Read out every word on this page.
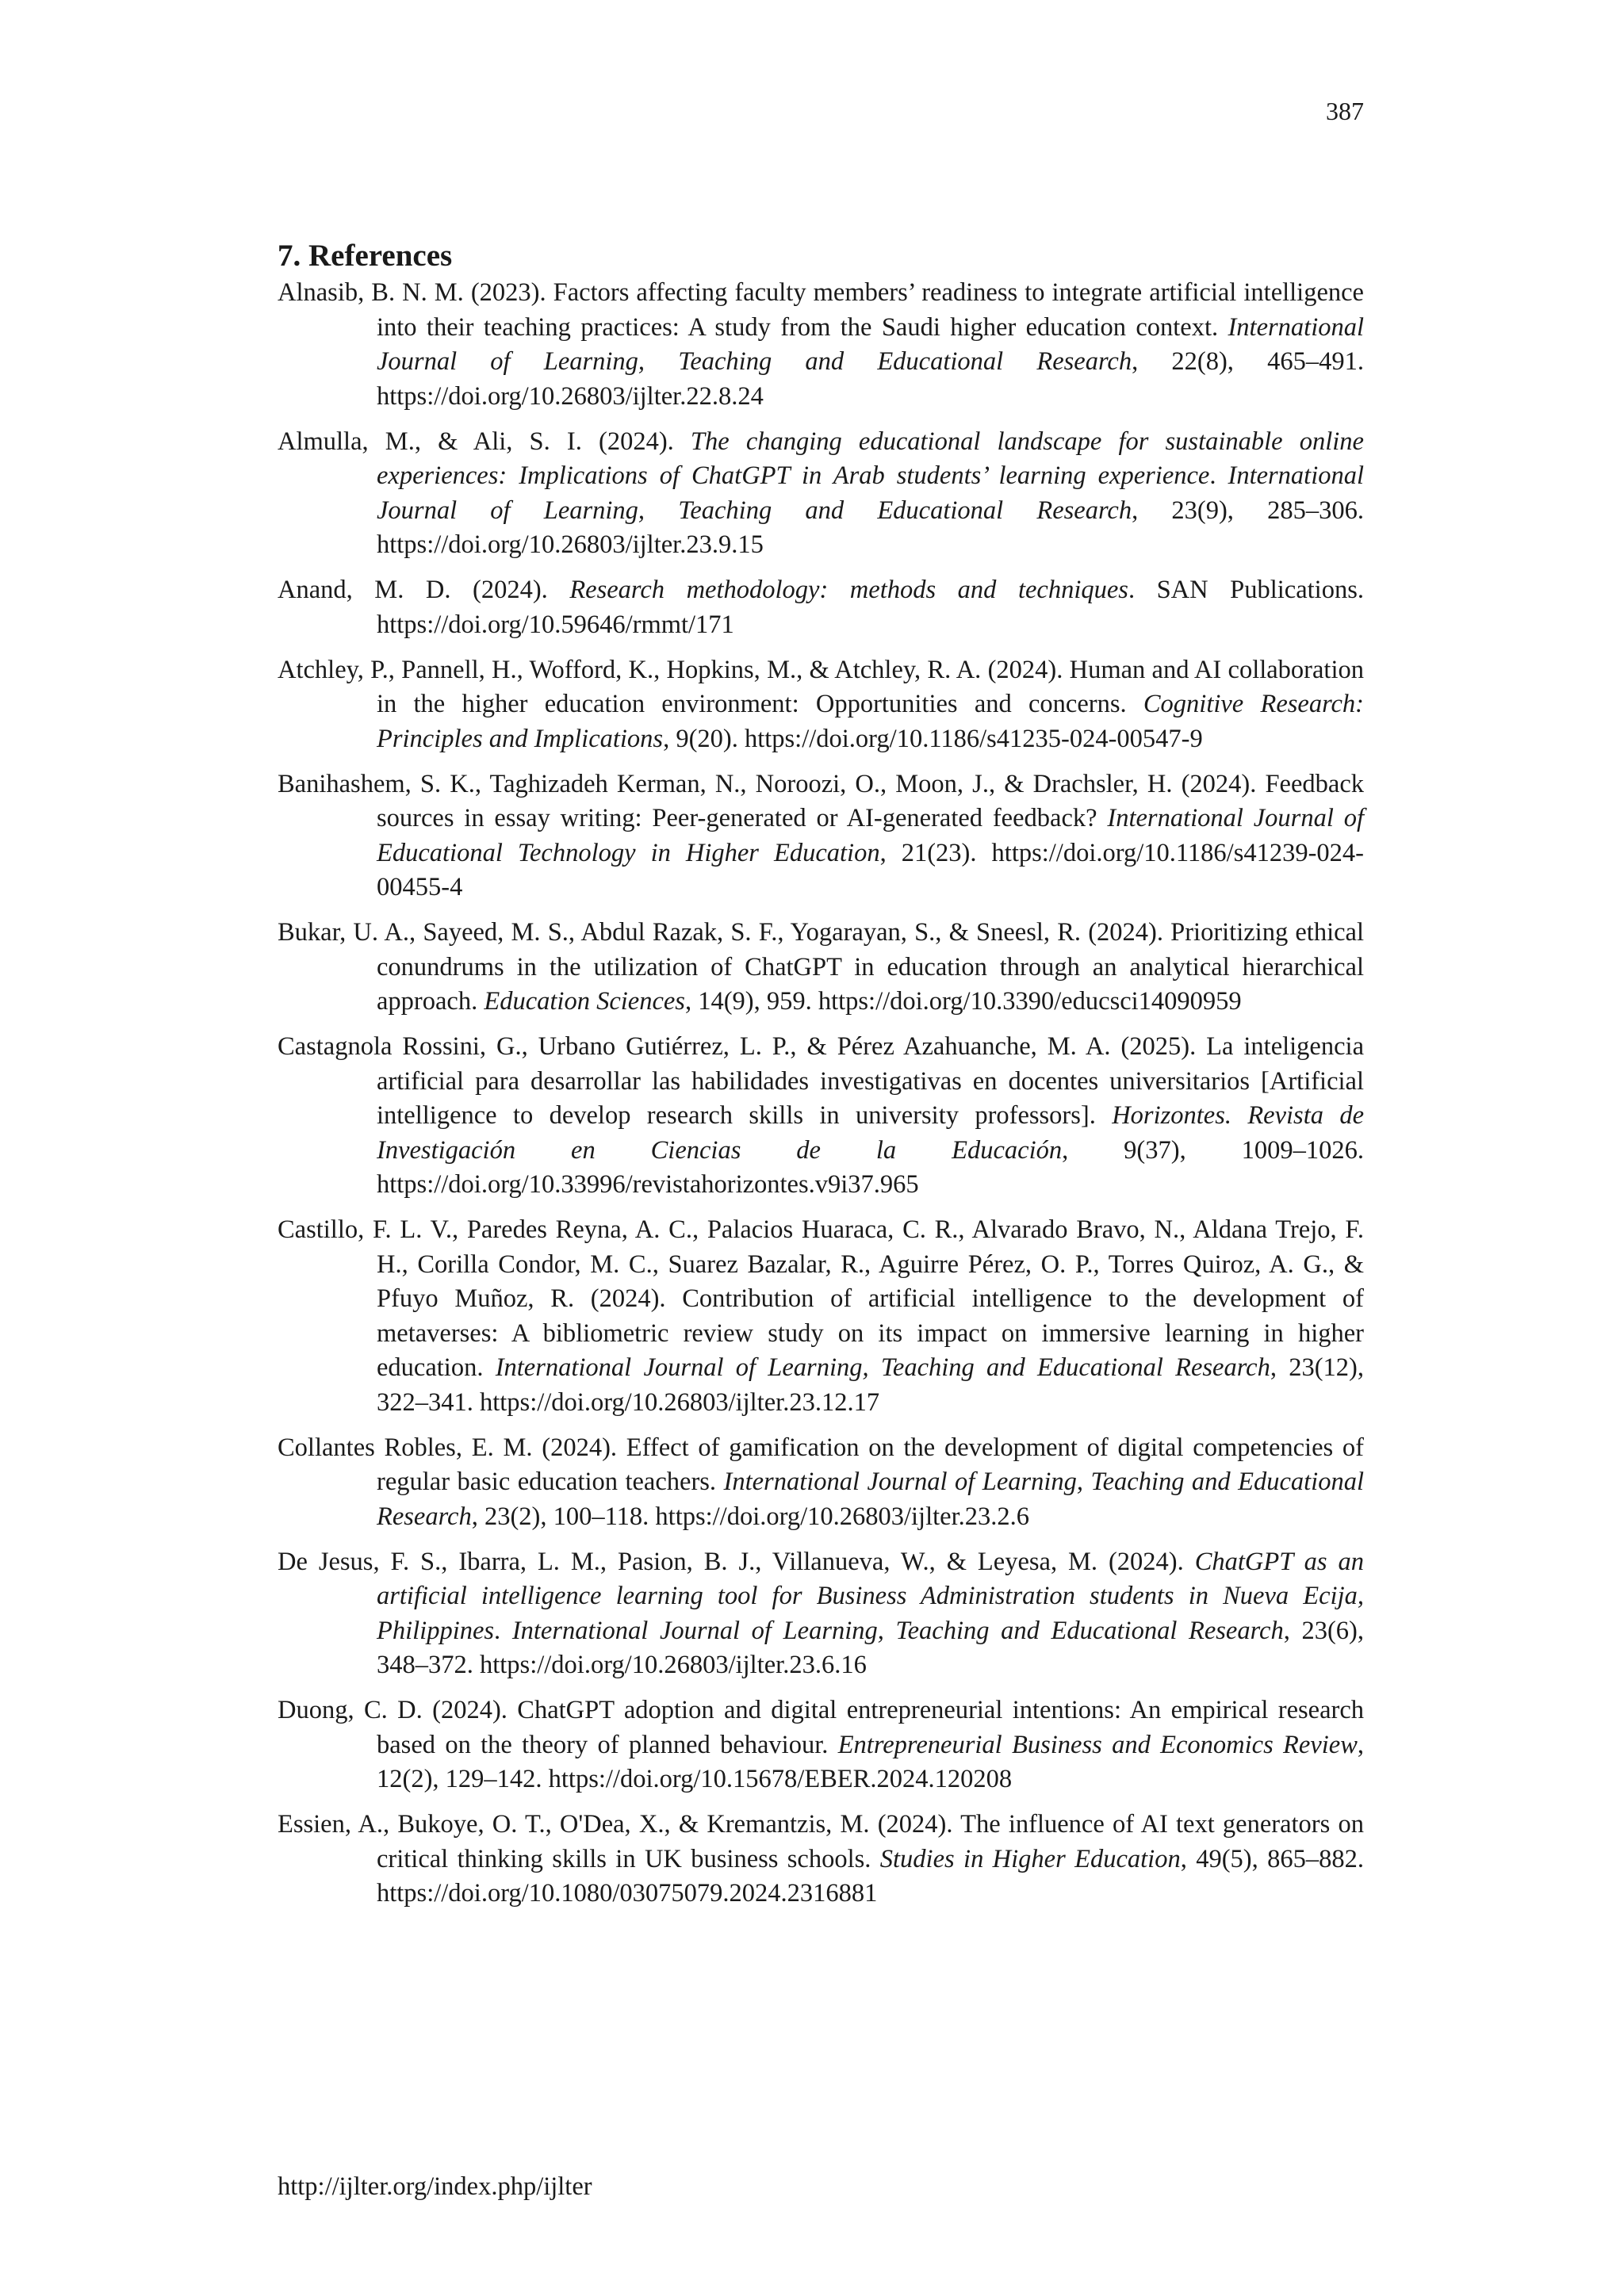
387
7. References
Alnasib, B. N. M. (2023). Factors affecting faculty members’ readiness to integrate artificial intelligence into their teaching practices: A study from the Saudi higher education context. International Journal of Learning, Teaching and Educational Research, 22(8), 465–491. https://doi.org/10.26803/ijlter.22.8.24
Almulla, M., & Ali, S. I. (2024). The changing educational landscape for sustainable online experiences: Implications of ChatGPT in Arab students’ learning experience. International Journal of Learning, Teaching and Educational Research, 23(9), 285–306. https://doi.org/10.26803/ijlter.23.9.15
Anand, M. D. (2024). Research methodology: methods and techniques. SAN Publications. https://doi.org/10.59646/rmmt/171
Atchley, P., Pannell, H., Wofford, K., Hopkins, M., & Atchley, R. A. (2024). Human and AI collaboration in the higher education environment: Opportunities and concerns. Cognitive Research: Principles and Implications, 9(20). https://doi.org/10.1186/s41235-024-00547-9
Banihashem, S. K., Taghizadeh Kerman, N., Noroozi, O., Moon, J., & Drachsler, H. (2024). Feedback sources in essay writing: Peer-generated or AI-generated feedback? International Journal of Educational Technology in Higher Education, 21(23). https://doi.org/10.1186/s41239-024-00455-4
Bukar, U. A., Sayeed, M. S., Abdul Razak, S. F., Yogarayan, S., & Sneesl, R. (2024). Prioritizing ethical conundrums in the utilization of ChatGPT in education through an analytical hierarchical approach. Education Sciences, 14(9), 959. https://doi.org/10.3390/educsci14090959
Castagnola Rossini, G., Urbano Gutiérrez, L. P., & Pérez Azahuanche, M. A. (2025). La inteligencia artificial para desarrollar las habilidades investigativas en docentes universitarios [Artificial intelligence to develop research skills in university professors]. Horizontes. Revista de Investigación en Ciencias de la Educación, 9(37), 1009–1026. https://doi.org/10.33996/revistahorizontes.v9i37.965
Castillo, F. L. V., Paredes Reyna, A. C., Palacios Huaraca, C. R., Alvarado Bravo, N., Aldana Trejo, F. H., Corilla Condor, M. C., Suarez Bazalar, R., Aguirre Pérez, O. P., Torres Quiroz, A. G., & Pfuyo Muñoz, R. (2024). Contribution of artificial intelligence to the development of metaverses: A bibliometric review study on its impact on immersive learning in higher education. International Journal of Learning, Teaching and Educational Research, 23(12), 322–341. https://doi.org/10.26803/ijlter.23.12.17
Collantes Robles, E. M. (2024). Effect of gamification on the development of digital competencies of regular basic education teachers. International Journal of Learning, Teaching and Educational Research, 23(2), 100–118. https://doi.org/10.26803/ijlter.23.2.6
De Jesus, F. S., Ibarra, L. M., Pasion, B. J., Villanueva, W., & Leyesa, M. (2024). ChatGPT as an artificial intelligence learning tool for Business Administration students in Nueva Ecija, Philippines. International Journal of Learning, Teaching and Educational Research, 23(6), 348–372. https://doi.org/10.26803/ijlter.23.6.16
Duong, C. D. (2024). ChatGPT adoption and digital entrepreneurial intentions: An empirical research based on the theory of planned behaviour. Entrepreneurial Business and Economics Review, 12(2), 129–142. https://doi.org/10.15678/EBER.2024.120208
Essien, A., Bukoye, O. T., O'Dea, X., & Kremantzis, M. (2024). The influence of AI text generators on critical thinking skills in UK business schools. Studies in Higher Education, 49(5), 865–882. https://doi.org/10.1080/03075079.2024.2316881
http://ijlter.org/index.php/ijlter
